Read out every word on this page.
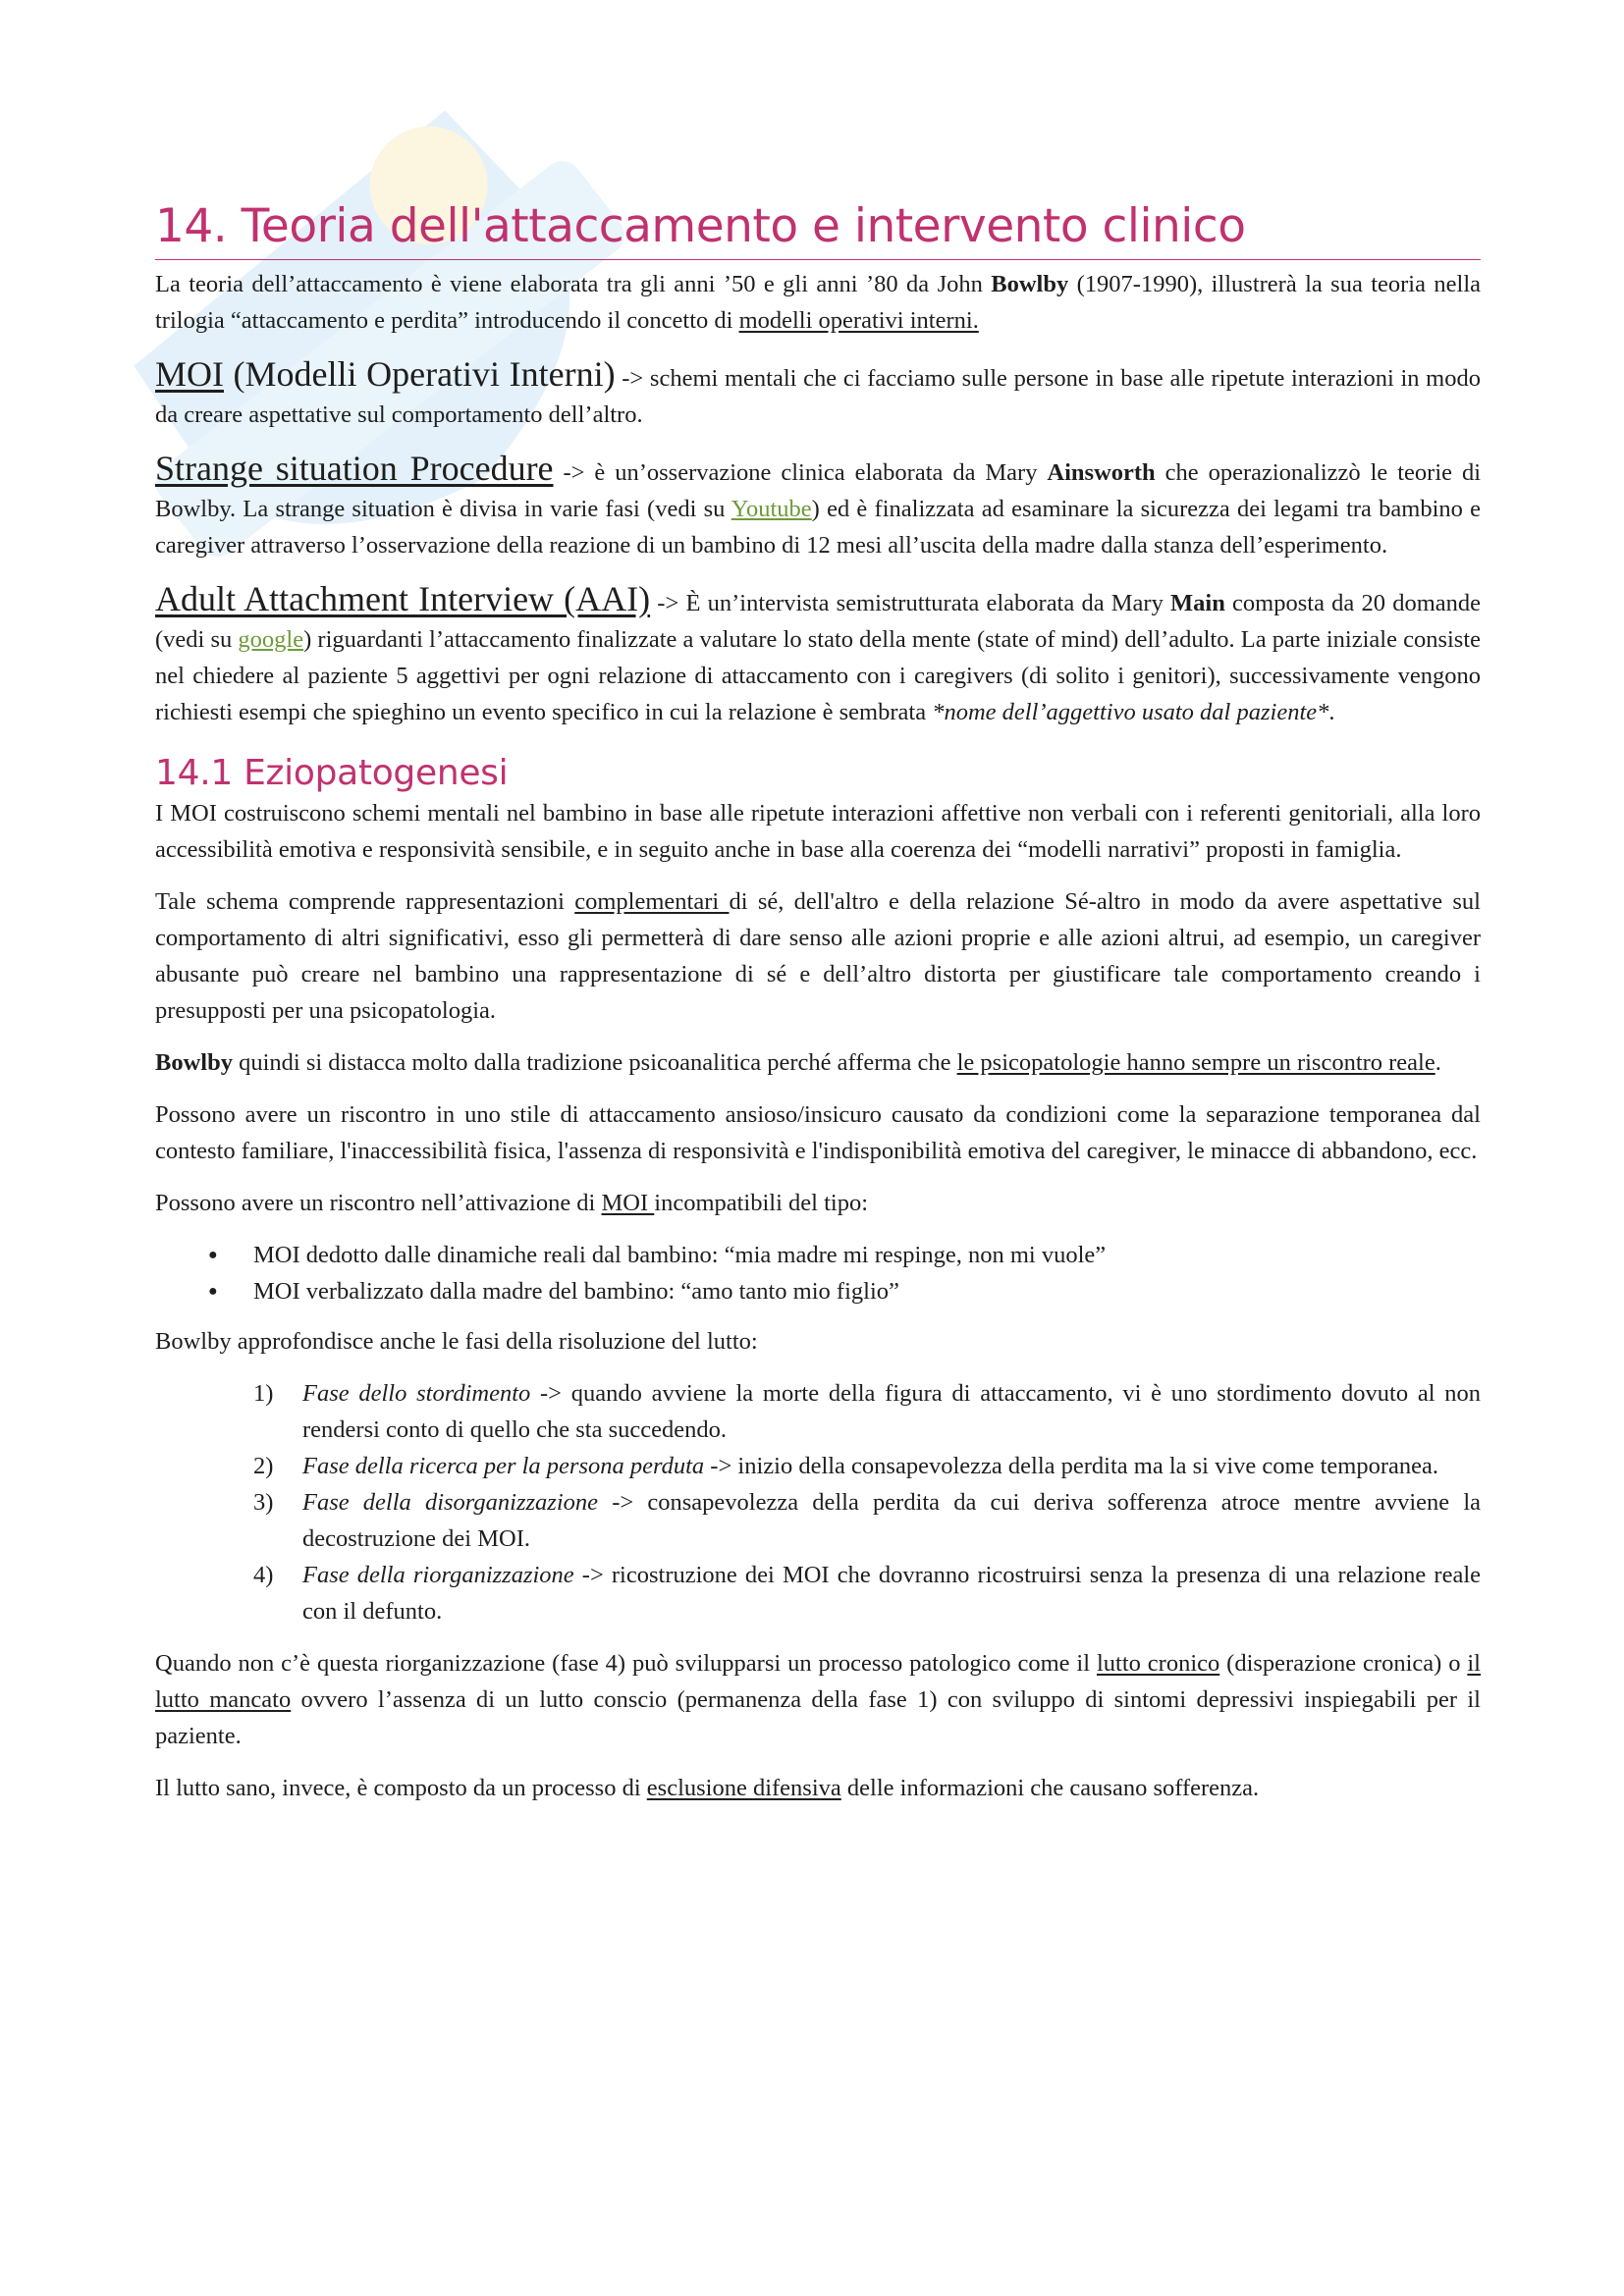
14. Teoria dell'attaccamento e intervento clinico

La teoria dell’attaccamento è viene elaborata tra gli anni ’50 e gli anni ’80 da John Bowlby (1907-1990), illustrerà la sua teoria nella trilogia “attaccamento e perdita” introducendo il concetto di modelli operativi interni.

MOI (Modelli Operativi Interni) -> schemi mentali che ci facciamo sulle persone in base alle ripetute interazioni in modo da creare aspettative sul comportamento dell’altro.

Strange situation Procedure -> è un’osservazione clinica elaborata da Mary Ainsworth che operazionalizzò le teorie di Bowlby. La strange situation è divisa in varie fasi (vedi su Youtube) ed è finalizzata ad esaminare la sicurezza dei legami tra bambino e caregiver attraverso l’osservazione della reazione di un bambino di 12 mesi all’uscita della madre dalla stanza dell’esperimento.

Adult Attachment Interview (AAI) -> È un’intervista semistrutturata elaborata da Mary Main composta da 20 domande (vedi su google) riguardanti l’attaccamento finalizzate a valutare lo stato della mente (state of mind) dell’adulto. La parte iniziale consiste nel chiedere al paziente 5 aggettivi per ogni relazione di attaccamento con i caregivers (di solito i genitori), successivamente vengono richiesti esempi che spieghino un evento specifico in cui la relazione è sembrata *nome dell’aggettivo usato dal paziente*.

14.1 Eziopatogenesi

I MOI costruiscono schemi mentali nel bambino in base alle ripetute interazioni affettive non verbali con i referenti genitoriali, alla loro accessibilità emotiva e responsività sensibile, e in seguito anche in base alla coerenza dei “modelli narrativi” proposti in famiglia.

Tale schema comprende rappresentazioni complementari di sé, dell'altro e della relazione Sé-altro in modo da avere aspettative sul comportamento di altri significativi, esso gli permetterà di dare senso alle azioni proprie e alle azioni altrui, ad esempio, un caregiver abusante può creare nel bambino una rappresentazione di sé e dell’altro distorta per giustificare tale comportamento creando i presupposti per una psicopatologia.

Bowlby quindi si distacca molto dalla tradizione psicoanalitica perché afferma che le psicopatologie hanno sempre un riscontro reale.

Possono avere un riscontro in uno stile di attaccamento ansioso/insicuro causato da condizioni come la separazione temporanea dal contesto familiare, l'inaccessibilità fisica, l'assenza di responsività e l'indisponibilità emotiva del caregiver, le minacce di abbandono, ecc.

Possono avere un riscontro nell’attivazione di MOI incompatibili del tipo:

● MOI dedotto dalle dinamiche reali dal bambino: “mia madre mi respinge, non mi vuole”
● MOI verbalizzato dalla madre del bambino: “amo tanto mio figlio”

Bowlby approfondisce anche le fasi della risoluzione del lutto:

1) Fase dello stordimento -> quando avviene la morte della figura di attaccamento, vi è uno stordimento dovuto al non rendersi conto di quello che sta succedendo.
2) Fase della ricerca per la persona perduta -> inizio della consapevolezza della perdita ma la si vive come temporanea.
3) Fase della disorganizzazione -> consapevolezza della perdita da cui deriva sofferenza atroce mentre avviene la decostruzione dei MOI.
4) Fase della riorganizzazione -> ricostruzione dei MOI che dovranno ricostruirsi senza la presenza di una relazione reale con il defunto.

Quando non c’è questa riorganizzazione (fase 4) può svilupparsi un processo patologico come il lutto cronico (disperazione cronica) o il lutto mancato ovvero l’assenza di un lutto conscio (permanenza della fase 1) con sviluppo di sintomi depressivi inspiegabili per il paziente.

Il lutto sano, invece, è composto da un processo di esclusione difensiva delle informazioni che causano sofferenza.
